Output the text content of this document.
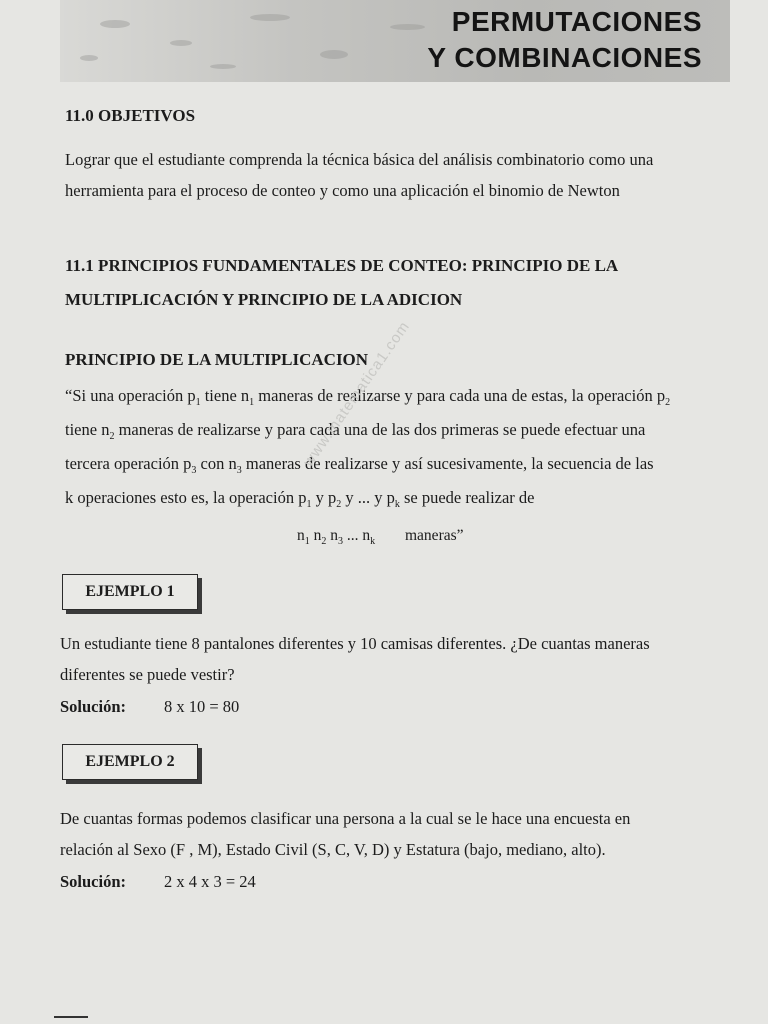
PERMUTACIONES
Y COMBINACIONES
11.0 OBJETIVOS
Lograr que el estudiante comprenda la técnica básica del análisis combinatorio como una
herramienta para el proceso de conteo y como una aplicación el binomio de Newton
11.1 PRINCIPIOS FUNDAMENTALES DE CONTEO: PRINCIPIO DE LA
MULTIPLICACIÓN Y PRINCIPIO DE LA ADICION
PRINCIPIO DE LA MULTIPLICACION
“Si una operación $p_1$ tiene $n_1$ maneras de realizarse y para cada una de estas, la operación $p_2$
tiene $n_2$ maneras de realizarse y para cada una de las dos primeras se puede efectuar una
tercera operación $p_3$ con $n_3$ maneras de realizarse y así sucesivamente, la secuencia de las
k operaciones esto es, la operación $p_1$ y $p_2$ y ... y $p_k$ se puede realizar de
$n_1$ $n_2$ $n_3$ ... $n_k$ maneras”
www.matematica1.com
EJEMPLO 1
Un estudiante tiene 8 pantalones diferentes y 10 camisas diferentes. ¿De cuantas maneras
diferentes se puede vestir?
Solución: 8 x 10 = 80
EJEMPLO 2
De cuantas formas podemos clasificar una persona a la cual se le hace una encuesta en
relación al Sexo (F , M), Estado Civil (S, C, V, D) y Estatura (bajo, mediano, alto).
Solución: 2 x 4 x 3 = 24
